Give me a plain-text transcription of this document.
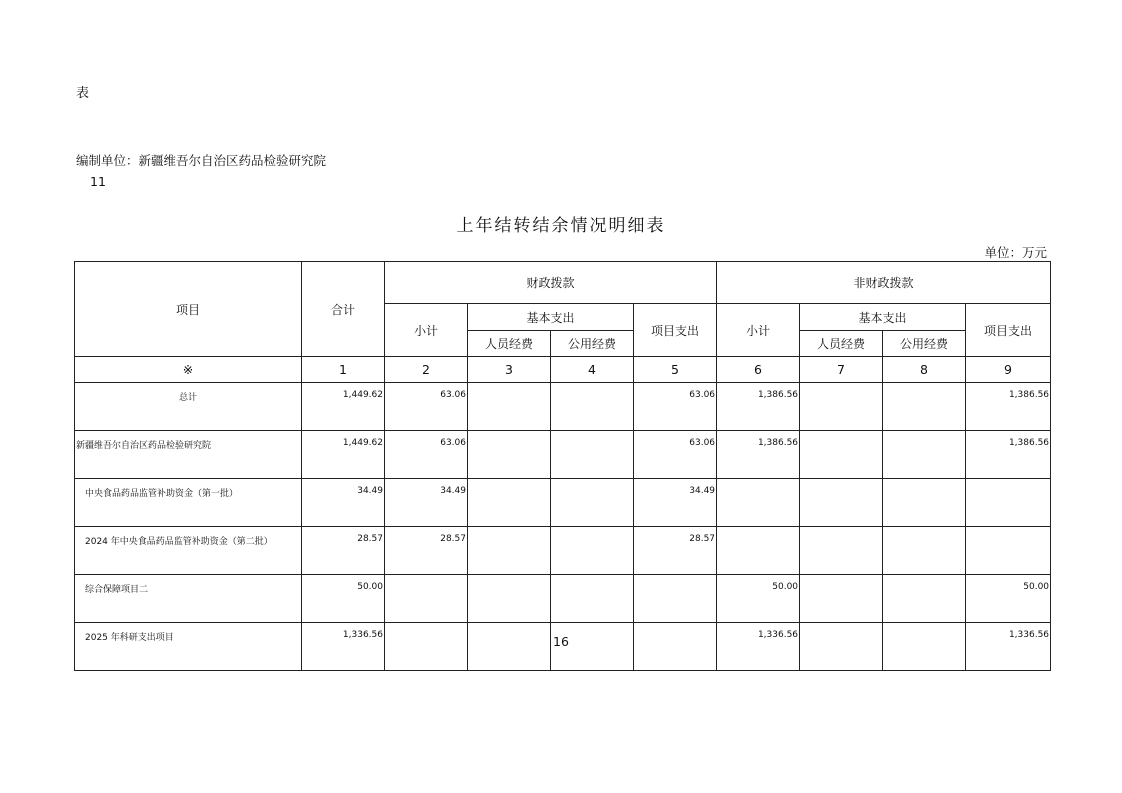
表
编制单位：新疆维吾尔自治区药品检验研究院
11
上年结转结余情况明细表
单位：万元
项目	合计	财政拨款				非财政拨款			
		小计	基本支出		项目支出	小计	基本支出		项目支出
			人员经费	公用经费			人员经费	公用经费	
※	1	2	3	4	5	6	7	8	9
总计	1,449.62	63.06			63.06	1,386.56			1,386.56
新疆维吾尔自治区药品检验研究院	1,449.62	63.06			63.06	1,386.56			1,386.56
中央食品药品监管补助资金（第一批）	34.49	34.49			34.49				
2024 年中央食品药品监管补助资金（第二批）	28.57	28.57			28.57				
综合保障项目二	50.00					50.00			50.00
2025 年科研支出项目	1,336.56					1,336.56			1,336.56
16
